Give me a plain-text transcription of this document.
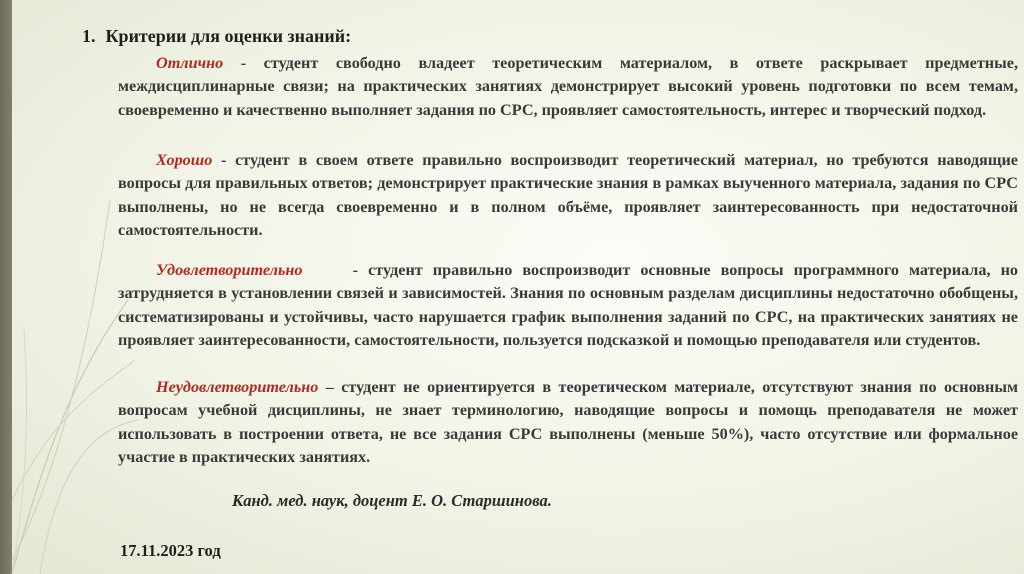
1. Критерии для оценки знаний:
Отлично - студент свободно владеет теоретическим материалом, в ответе раскрывает предметные, междисциплинарные связи; на практических занятиях демонстрирует высокий уровень подготовки по всем темам, своевременно и качественно выполняет задания по СРС, проявляет самостоятельность, интерес и творческий подход.
Хорошо - студент в своем ответе правильно воспроизводит теоретический материал, но требуются наводящие вопросы для правильных ответов; демонстрирует практические знания в рамках выученного материала, задания по СРС выполнены, но не всегда своевременно и в полном объёме, проявляет заинтересованность при недостаточной самостоятельности.
Удовлетворительно     - студент правильно воспроизводит основные вопросы программного материала, но затрудняется в установлении связей и зависимостей. Знания по основным разделам дисциплины недостаточно обобщены, систематизированы и устойчивы, часто нарушается график выполнения заданий по СРС, на практических занятиях не проявляет заинтересованности, самостоятельности, пользуется подсказкой и помощью преподавателя или студентов.
Неудовлетворительно – студент не ориентируется в теоретическом материале, отсутствуют знания по основным вопросам учебной дисциплины, не знает терминологию, наводящие вопросы и помощь преподавателя не может использовать в построении ответа, не все задания СРС выполнены (меньше 50%), часто отсутствие или формальное участие в практических занятиях.
Канд. мед. наук, доцент Е. О. Старшинова.
17.11.2023 год
